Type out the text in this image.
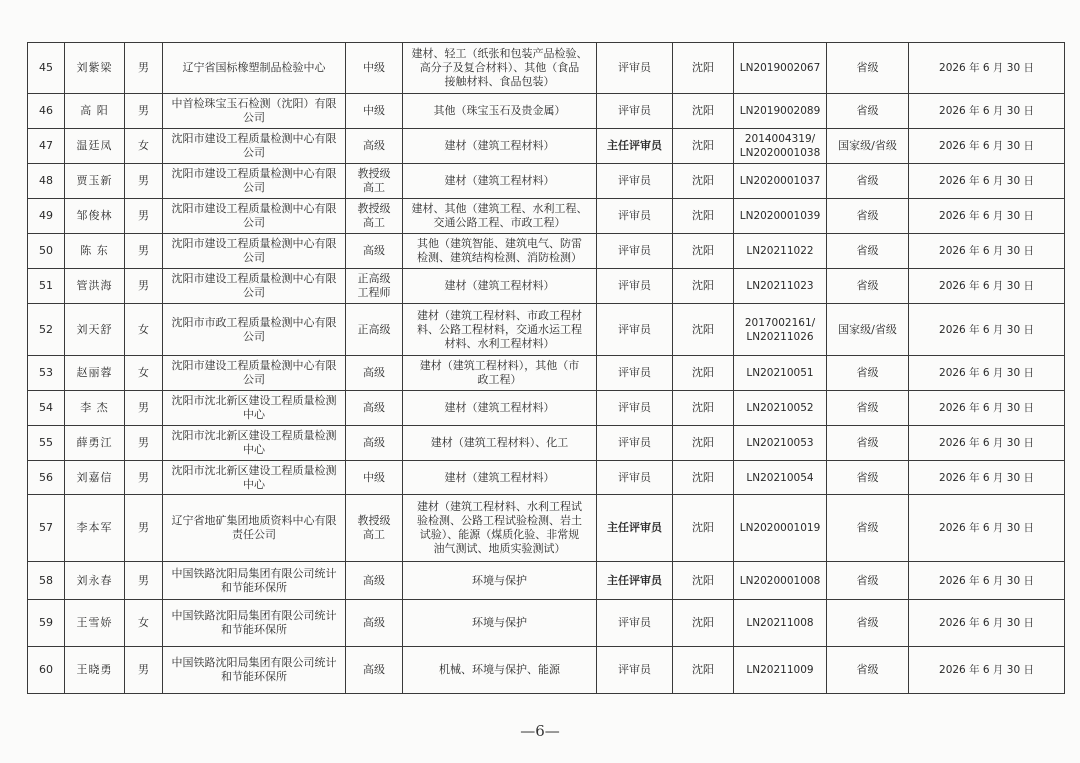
45	刘紫梁	男	辽宁省国标橡塑制品检验中心	中级	建材、轻工（纸张和包装产品检验、
高分子及复合材料）、其他（食品
接触材料、食品包装）	评审员	沈阳	LN2019002067	省级	2026 年 6 月 30 日
46	高 阳	男	中首检珠宝玉石检测（沈阳）有限
公司	中级	其他（珠宝玉石及贵金属）	评审员	沈阳	LN2019002089	省级	2026 年 6 月 30 日
47	温廷凤	女	沈阳市建设工程质量检测中心有限
公司	高级	建材（建筑工程材料）	主任评审员	沈阳	2014004319/
LN2020001038	国家级/省级	2026 年 6 月 30 日
48	贾玉新	男	沈阳市建设工程质量检测中心有限
公司	教授级
高工	建材（建筑工程材料）	评审员	沈阳	LN2020001037	省级	2026 年 6 月 30 日
49	邹俊林	男	沈阳市建设工程质量检测中心有限
公司	教授级
高工	建材、其他（建筑工程、水利工程、
交通公路工程、市政工程）	评审员	沈阳	LN2020001039	省级	2026 年 6 月 30 日
50	陈 东	男	沈阳市建设工程质量检测中心有限
公司	高级	其他（建筑智能、建筑电气、防雷
检测、建筑结构检测、消防检测）	评审员	沈阳	LN20211022	省级	2026 年 6 月 30 日
51	管洪海	男	沈阳市建设工程质量检测中心有限
公司	正高级
工程师	建材（建筑工程材料）	评审员	沈阳	LN20211023	省级	2026 年 6 月 30 日
52	刘天舒	女	沈阳市市政工程质量检测中心有限
公司	正高级	建材（建筑工程材料、市政工程材
料、公路工程材料，交通水运工程
材料、水利工程材料）	评审员	沈阳	2017002161/
LN20211026	国家级/省级	2026 年 6 月 30 日
53	赵丽蓉	女	沈阳市建设工程质量检测中心有限
公司	高级	建材（建筑工程材料），其他（市
政工程）	评审员	沈阳	LN20210051	省级	2026 年 6 月 30 日
54	李 杰	男	沈阳市沈北新区建设工程质量检测
中心	高级	建材（建筑工程材料）	评审员	沈阳	LN20210052	省级	2026 年 6 月 30 日
55	薛勇江	男	沈阳市沈北新区建设工程质量检测
中心	高级	建材（建筑工程材料）、化工	评审员	沈阳	LN20210053	省级	2026 年 6 月 30 日
56	刘嘉信	男	沈阳市沈北新区建设工程质量检测
中心	中级	建材（建筑工程材料）	评审员	沈阳	LN20210054	省级	2026 年 6 月 30 日
57	李本军	男	辽宁省地矿集团地质资料中心有限
责任公司	教授级
高工	建材（建筑工程材料、水利工程试
验检测、公路工程试验检测、岩土
试验）、能源（煤质化验、非常规
油气测试、地质实验测试）	主任评审员	沈阳	LN2020001019	省级	2026 年 6 月 30 日
58	刘永春	男	中国铁路沈阳局集团有限公司统计
和节能环保所	高级	环境与保护	主任评审员	沈阳	LN2020001008	省级	2026 年 6 月 30 日
59	王雪娇	女	中国铁路沈阳局集团有限公司统计
和节能环保所	高级	环境与保护	评审员	沈阳	LN20211008	省级	2026 年 6 月 30 日
60	王晓勇	男	中国铁路沈阳局集团有限公司统计
和节能环保所	高级	机械、环境与保护、能源	评审员	沈阳	LN20211009	省级	2026 年 6 月 30 日
—6—
